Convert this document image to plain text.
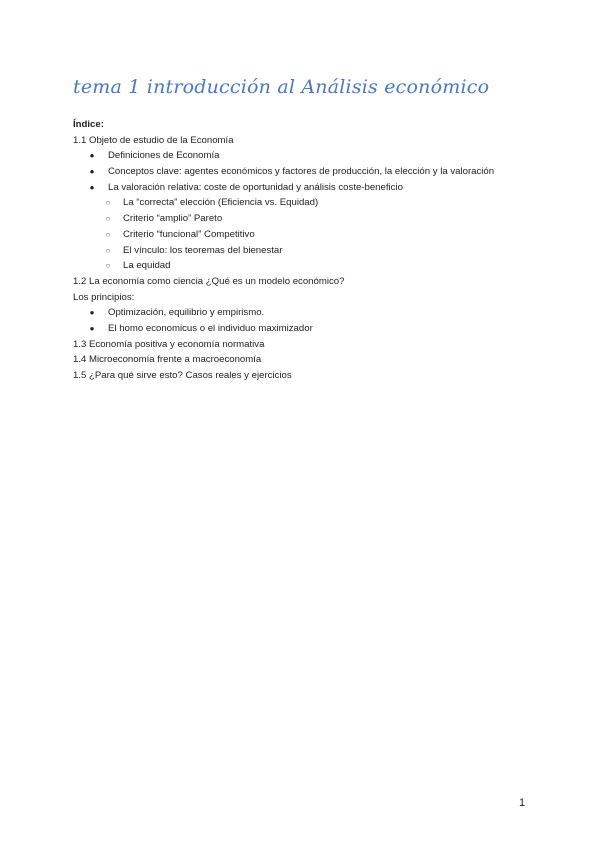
tema 1 introducción al Análisis económico
Índice:
1.1 Objeto de estudio de la Economía
● Definiciones de Economía
● Conceptos clave: agentes económicos y factores de producción, la elección y la valoración
● La valoración relativa: coste de oportunidad y análisis coste-beneficio
○ La “correcta” elección (Eficiencia vs. Equidad)
○ Criterio “amplio” Pareto
○ Criterio “funcional” Competitivo
○ El vínculo: los teoremas del bienestar
○ La equidad
1.2 La economía como ciencia ¿Qué es un modelo económico?
Los principios:
● Optimización, equilibrio y empirismo.
● El homo economicus o el individuo maximizador
1.3 Economía positiva y economía normativa
1.4 Microeconomía frente a macroeconomía
1.5 ¿Para qué sirve esto? Casos reales y ejercicios
1
